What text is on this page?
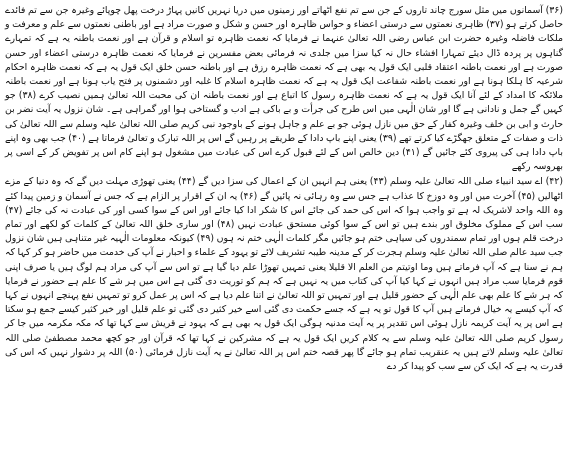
(۳۶) آسمانوں میں مثل سورج چاند تاروں کے جن سے تم نفع اٹھاتے اور زمینوں میں دریا نہریں کانیں پہاڑ درخت پھل چوپائے وغیرہ جن سے تم فائدے حاصل کرتے ہو (۳۷) ظاہری نعمتوں سے درستی اعضاء و حواس ظاہرہ اور حسن و شکل و صورت مراد ہے اور باطنی نعمتوں سے علم و معرفت و ملکات فاضلہ وغیرہ حضرت ابن عباس رضی اللہ تعالیٰ عنہما نے فرمایا کہ نعمت ظاہرہ تو اسلام و قرآن ہے اور نعمت باطنہ یہ ہے کہ تمہارے گناہوں پر پردہ ڈال دیئے تمہارا افشاء حال نہ کیا سزا میں جلدی نہ فرمائی بعض مفسرین نے فرمایا کہ نعمت ظاہرہ درستی اعضاء اور حسن صورت ہے اور نعمت باطنہ اعتقاد قلبی ایک قول یہ بھی ہے کہ نعمت ظاہرہ رزق ہے اور باطنہ حسن خلق ایک قول یہ ہے کہ نعمت ظاہرہ احکام شرعیہ کا ہلکا ہونا ہے اور نعمت باطنہ شفاعت ایک قول یہ ہے کہ نعمت ظاہرہ اسلام کا غلبہ اور دشمنوں پر فتح یاب ہونا ہے اور نعمت باطنہ ملائکہ کا امداد کے لئے آنا ایک قول یہ ہے کہ نعمت ظاہرہ رسول کا اتباع ہے اور نعمت باطنہ ان کی محبت اللہ تعالیٰ ہمیں نصیب کرے (۳۸) جو کہیں گے جمل و نادانی ہے گا اور شان الٰہی میں اس طرح کی جرأت و بے باکی ہے ادب و گستاخی ہوا اور گمراہی ہے۔ شان نزول یہ آیت نضر بن حارث و ابی بن خلف وغیرہ کفار کے حق میں نازل ہوئی جو بے علم و جاہل ہونے کے باوجود نبی کریم صلی اللہ تعالیٰ علیہ وسلم سے اللہ تعالیٰ کی ذات و صفات کے متعلق جھگڑے کیا کرتے تھے (۳۹) یعنی اپنے باپ دادا کے طریقے پر رہیں گے اس پر اللہ تبارک و تعالیٰ فرماتا ہے (۴۰) جب بھی وہ اپنے باپ دادا ہی کی پیروی کئے جائیں گے (۴۱) دین خالص اس کے لئے قبول کرے اس کی عبادت میں مشغول ہو اپنے کام اس پر تفویض کر کے اسی پر بھروسہ رکھے

(۴۲) اے سید انبیاء صلی اللہ تعالیٰ علیہ وسلم (۴۳) یعنی ہم انہیں ان کے اعمال کی سزا دیں گے (۴۴) یعنی تھوڑی مہلت دیں گے کہ وہ دنیا کے مزے اٹھالیں (۴۵) آخرت میں اور وہ دوزخ کا عذاب ہے جس سے وہ رہائی نہ پائیں گے (۴۶) یہ ان کے اقرار پر الزام ہے کہ جس نے آسمان و زمین پیدا کئے وہ اللہ واحد لاشریک لہ ہے تو واجب ہوا کہ اس کی حمد کی جائے اس کا شکر ادا کیا جائے اور اس کے سوا کسی اور کی عبادت نہ کی جائے (۴۷) سب اس کے مملوک مخلوق اور بندے ہیں تو اس کے سوا کوئی مستحق عبادت نہیں (۴۸) اور ساری خلق اللہ تعالیٰ کے کلمات کو لکھے اور تمام درخت قلم ہوں اور تمام سمندروں کی سیاہی ختم ہو جائیں مگر کلمات الٰہی ختم نہ ہوں (۴۹) کیونکہ معلومات الٰہیہ غیر متناہی ہیں شان نزول جب سید عالم صلی اللہ تعالیٰ علیہ وسلم ہجرت کر کے مدینہ طیبہ تشریف لائے تو یہود کے علماء و احبار نے آپ کی خدمت میں حاضر ہو کر کہا کہ ہم نے سنا ہے کہ آپ فرماتے ہیں وما اوتیتم من العلم الا قلیلا یعنی تمہیں تھوڑا علم دیا گیا ہے تو اس سے آپ کی مراد ہم لوگ ہیں یا صرف اپنی قوم فرمایا سب مراد ہیں انہوں نے کہا کیا آپ کی کتاب میں یہ نہیں ہے کہ ہم کو توریت دی گئی ہے اس میں ہر شے کا علم ہے حضور نے فرمایا کہ ہر شے کا علم بھی علم الٰہی کے حضور قلیل ہے اور تمہیں تو اللہ تعالیٰ نے اتنا علم دیا ہے کہ اس پر عمل کرو تو تمہیں نفع پہنچے انہوں نے کہا کہ آپ کیسے یہ خیال فرماتے ہیں آپ کا قول تو یہ ہے کہ جسے حکمت دی گئی اسے خیر کثیر دی گئی تو علم قلیل اور خیر کثیر کیسے جمع ہو سکتا ہے اس پر یہ آیت کریمہ نازل ہوئی اس تقدیر پر یہ آیت مدنیہ ہوگی ایک قول یہ بھی ہے کہ یہود نے قریش سے کہا تھا کہ مکہ مکرمہ میں جا کر رسول کریم صلی اللہ تعالیٰ علیہ وسلم سے یہ کلام کریں ایک قول یہ ہے کہ مشرکین نے کہا تھا کہ قرآن اور جو کچھ محمد مصطفیٰ صلی اللہ تعالیٰ علیہ وسلم لاتے ہیں یہ عنقریب تمام ہو جائے گا پھر قصہ ختم اس پر اللہ تعالیٰ نے یہ آیت نازل فرمائی (۵۰) اللہ پر دشوار نہیں کہ اس کی قدرت یہ ہے کہ ایک کن سے سب کو پیدا کر دے
